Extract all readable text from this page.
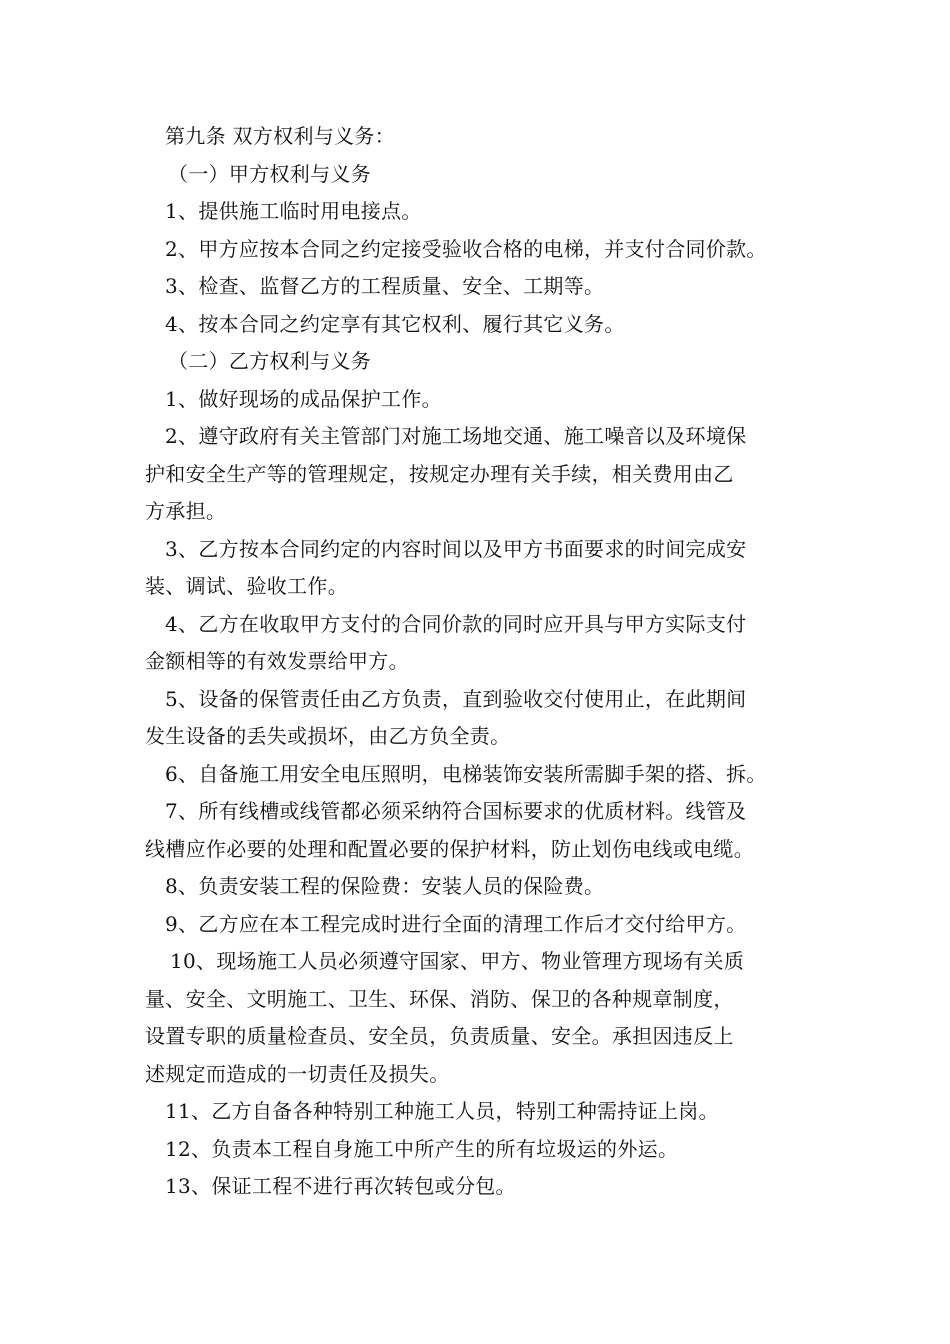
第九条 双方权利与义务：
（一）甲方权利与义务
1、提供施工临时用电接点。
2、甲方应按本合同之约定接受验收合格的电梯，并支付合同价款。
3、检查、监督乙方的工程质量、安全、工期等。
4、按本合同之约定享有其它权利、履行其它义务。
（二）乙方权利与义务
1、做好现场的成品保护工作。
2、遵守政府有关主管部门对施工场地交通、施工噪音以及环境保
护和安全生产等的管理规定，按规定办理有关手续，相关费用由乙
方承担。
3、乙方按本合同约定的内容时间以及甲方书面要求的时间完成安
装、调试、验收工作。
4、乙方在收取甲方支付的合同价款的同时应开具与甲方实际支付
金额相等的有效发票给甲方。
5、设备的保管责任由乙方负责，直到验收交付使用止，在此期间
发生设备的丢失或损坏，由乙方负全责。
6、自备施工用安全电压照明，电梯装饰安装所需脚手架的搭、拆。
7、所有线槽或线管都必须采纳符合国标要求的优质材料。线管及
线槽应作必要的处理和配置必要的保护材料，防止划伤电线或电缆。
8、负责安装工程的保险费：安装人员的保险费。
9、乙方应在本工程完成时进行全面的清理工作后才交付给甲方。
10、现场施工人员必须遵守国家、甲方、物业管理方现场有关质
量、安全、文明施工、卫生、环保、消防、保卫的各种规章制度，
设置专职的质量检查员、安全员，负责质量、安全。承担因违反上
述规定而造成的一切责任及损失。
11、乙方自备各种特别工种施工人员，特别工种需持证上岗。
12、负责本工程自身施工中所产生的所有垃圾运的外运。
13、保证工程不进行再次转包或分包。
